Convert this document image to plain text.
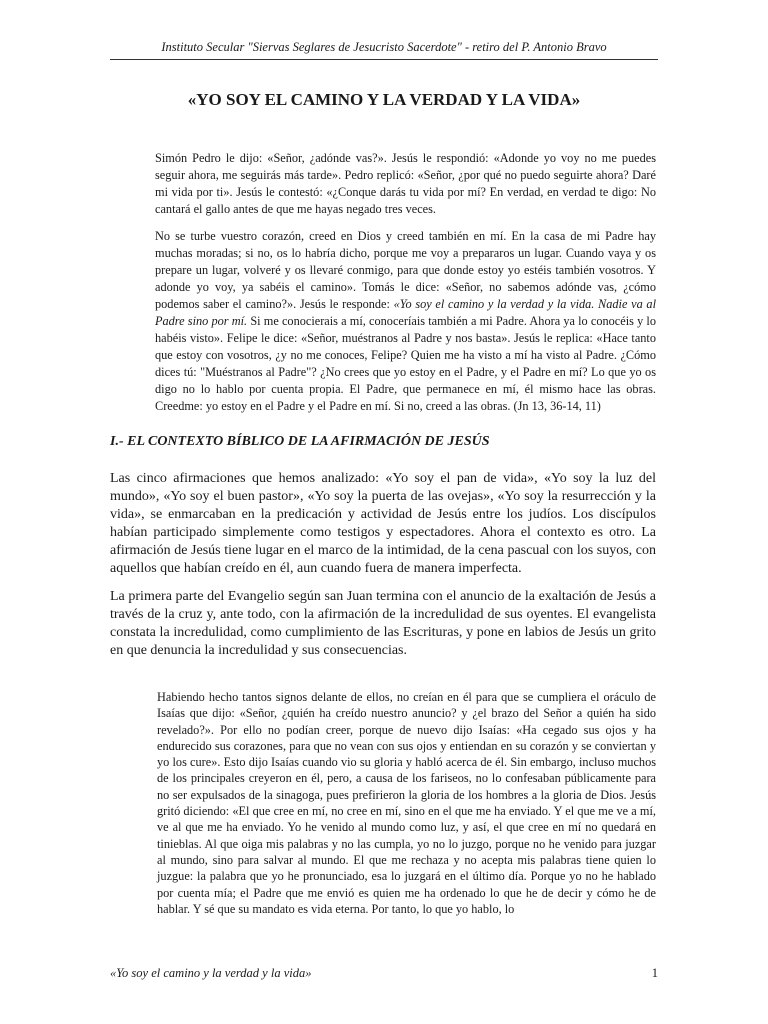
Instituto Secular "Siervas Seglares de Jesucristo Sacerdote" - retiro del P. Antonio Bravo
«YO SOY EL CAMINO Y LA VERDAD Y LA VIDA»

Simón Pedro le dijo: «Señor, ¿adónde vas?». Jesús le respondió: «Adonde yo voy no me puedes seguir ahora, me seguirás más tarde». Pedro replicó: «Señor, ¿por qué no puedo seguirte ahora? Daré mi vida por ti». Jesús le contestó: «¿Conque darás tu vida por mí? En verdad, en verdad te digo: No cantará el gallo antes de que me hayas negado tres veces.

No se turbe vuestro corazón, creed en Dios y creed también en mí. En la casa de mi Padre hay muchas moradas; si no, os lo habría dicho, porque me voy a prepararos un lugar. Cuando vaya y os prepare un lugar, volveré y os llevaré conmigo, para que donde estoy yo estéis también vosotros. Y adonde yo voy, ya sabéis el camino». Tomás le dice: «Señor, no sabemos adónde vas, ¿cómo podemos saber el camino?». Jesús le responde: «Yo soy el camino y la verdad y la vida. Nadie va al Padre sino por mí. Si me conocierais a mí, conoceríais también a mi Padre. Ahora ya lo conocéis y lo habéis visto». Felipe le dice: «Señor, muéstranos al Padre y nos basta». Jesús le replica: «Hace tanto que estoy con vosotros, ¿y no me conoces, Felipe? Quien me ha visto a mí ha visto al Padre. ¿Cómo dices tú: "Muéstranos al Padre"? ¿No crees que yo estoy en el Padre, y el Padre en mí? Lo que yo os digo no lo hablo por cuenta propia. El Padre, que permanece en mí, él mismo hace las obras. Creedme: yo estoy en el Padre y el Padre en mí. Si no, creed a las obras. (Jn 13, 36-14, 11)

I.- EL CONTEXTO BÍBLICO DE LA AFIRMACIÓN DE JESÚS

Las cinco afirmaciones que hemos analizado: «Yo soy el pan de vida», «Yo soy la luz del mundo», «Yo soy el buen pastor», «Yo soy la puerta de las ovejas», «Yo soy la resurrección y la vida», se enmarcaban en la predicación y actividad de Jesús entre los judíos. Los discípulos habían participado simplemente como testigos y espectadores. Ahora el contexto es otro. La afirmación de Jesús tiene lugar en el marco de la intimidad, de la cena pascual con los suyos, con aquellos que habían creído en él, aun cuando fuera de manera imperfecta.

La primera parte del Evangelio según san Juan termina con el anuncio de la exaltación de Jesús a través de la cruz y, ante todo, con la afirmación de la incredulidad de sus oyentes. El evangelista constata la incredulidad, como cumplimiento de las Escrituras, y pone en labios de Jesús un grito en que denuncia la incredulidad y sus consecuencias.

Habiendo hecho tantos signos delante de ellos, no creían en él para que se cumpliera el oráculo de Isaías que dijo: «Señor, ¿quién ha creído nuestro anuncio? y ¿el brazo del Señor a quién ha sido revelado?». Por ello no podían creer, porque de nuevo dijo Isaías: «Ha cegado sus ojos y ha endurecido sus corazones, para que no vean con sus ojos y entiendan en su corazón y se conviertan y yo los cure». Esto dijo Isaías cuando vio su gloria y habló acerca de él. Sin embargo, incluso muchos de los principales creyeron en él, pero, a causa de los fariseos, no lo confesaban públicamente para no ser expulsados de la sinagoga, pues prefirieron la gloria de los hombres a la gloria de Dios. Jesús gritó diciendo: «El que cree en mí, no cree en mí, sino en el que me ha enviado. Y el que me ve a mí, ve al que me ha enviado. Yo he venido al mundo como luz, y así, el que cree en mí no quedará en tinieblas. Al que oiga mis palabras y no las cumpla, yo no lo juzgo, porque no he venido para juzgar al mundo, sino para salvar al mundo. El que me rechaza y no acepta mis palabras tiene quien lo juzgue: la palabra que yo he pronunciado, esa lo juzgará en el último día. Porque yo no he hablado por cuenta mía; el Padre que me envió es quien me ha ordenado lo que he de decir y cómo he de hablar. Y sé que su mandato es vida eterna. Por tanto, lo que yo hablo, lo
«Yo soy el camino y la verdad y la vida»	1
